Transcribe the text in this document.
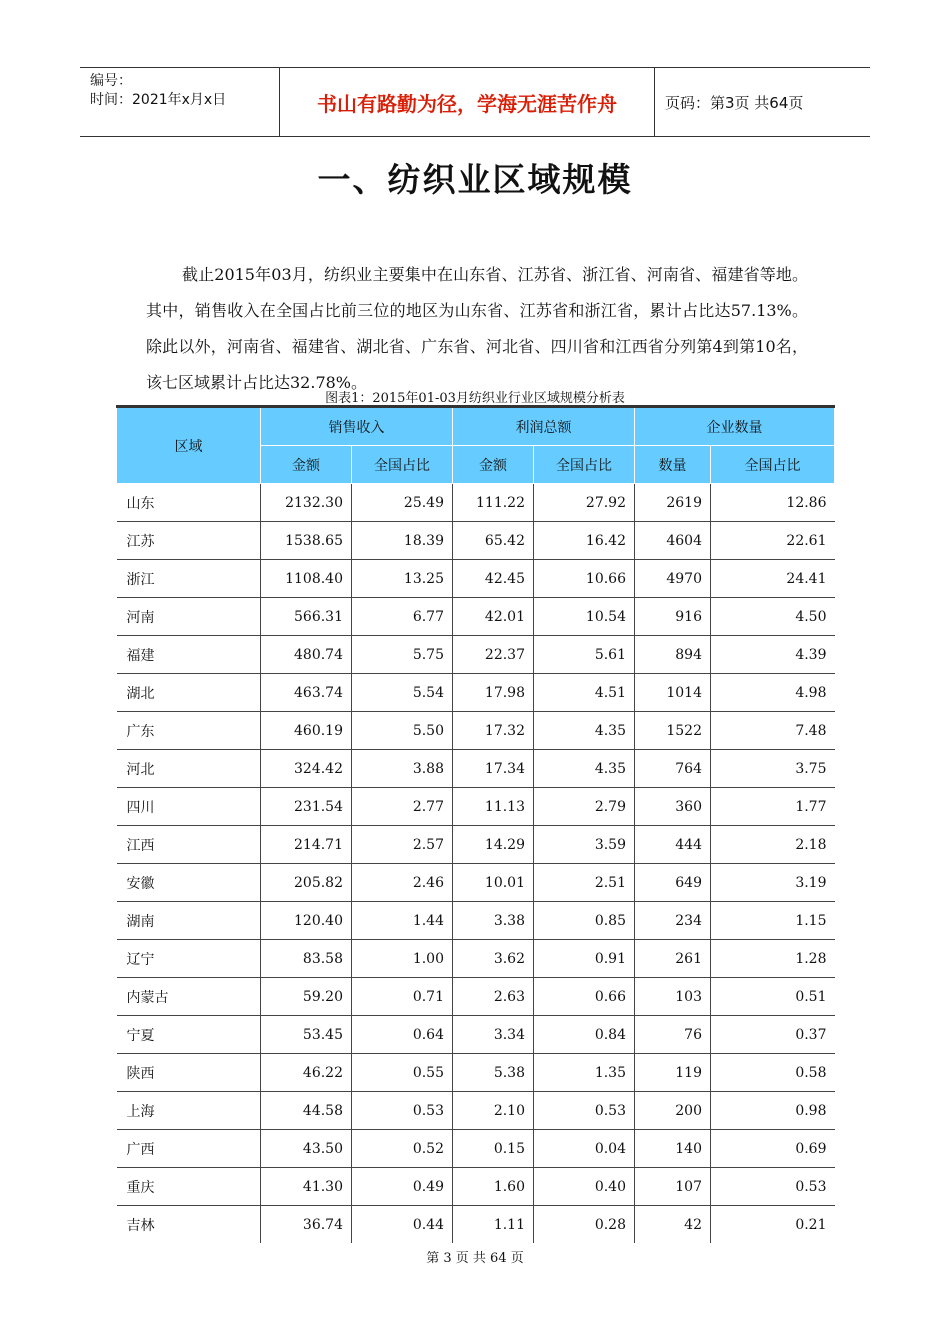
编号：
时间：2021年x月x日	书山有路勤为径，学海无涯苦作舟	页码：第3页 共64页
一、纺织业区域规模
截止2015年03月，纺织业主要集中在山东省、江苏省、浙江省、河南省、福建省等地。其中，销售收入在全国占比前三位的地区为山东省、江苏省和浙江省，累计占比达57.13%。除此以外，河南省、福建省、湖北省、广东省、河北省、四川省和江西省分列第4到第10名，该七区域累计占比达32.78%。
图表1：2015年01-03月纺织业行业区域规模分析表
区域	销售收入		利润总额		企业数量	
	金额	全国占比	金额	全国占比	数量	全国占比
山东	2132.30	25.49	111.22	27.92	2619	12.86
江苏	1538.65	18.39	65.42	16.42	4604	22.61
浙江	1108.40	13.25	42.45	10.66	4970	24.41
河南	566.31	6.77	42.01	10.54	916	4.50
福建	480.74	5.75	22.37	5.61	894	4.39
湖北	463.74	5.54	17.98	4.51	1014	4.98
广东	460.19	5.50	17.32	4.35	1522	7.48
河北	324.42	3.88	17.34	4.35	764	3.75
四川	231.54	2.77	11.13	2.79	360	1.77
江西	214.71	2.57	14.29	3.59	444	2.18
安徽	205.82	2.46	10.01	2.51	649	3.19
湖南	120.40	1.44	3.38	0.85	234	1.15
辽宁	83.58	1.00	3.62	0.91	261	1.28
内蒙古	59.20	0.71	2.63	0.66	103	0.51
宁夏	53.45	0.64	3.34	0.84	76	0.37
陕西	46.22	0.55	5.38	1.35	119	0.58
上海	44.58	0.53	2.10	0.53	200	0.98
广西	43.50	0.52	0.15	0.04	140	0.69
重庆	41.30	0.49	1.60	0.40	107	0.53
吉林	36.74	0.44	1.11	0.28	42	0.21
第 3 页 共 64 页
